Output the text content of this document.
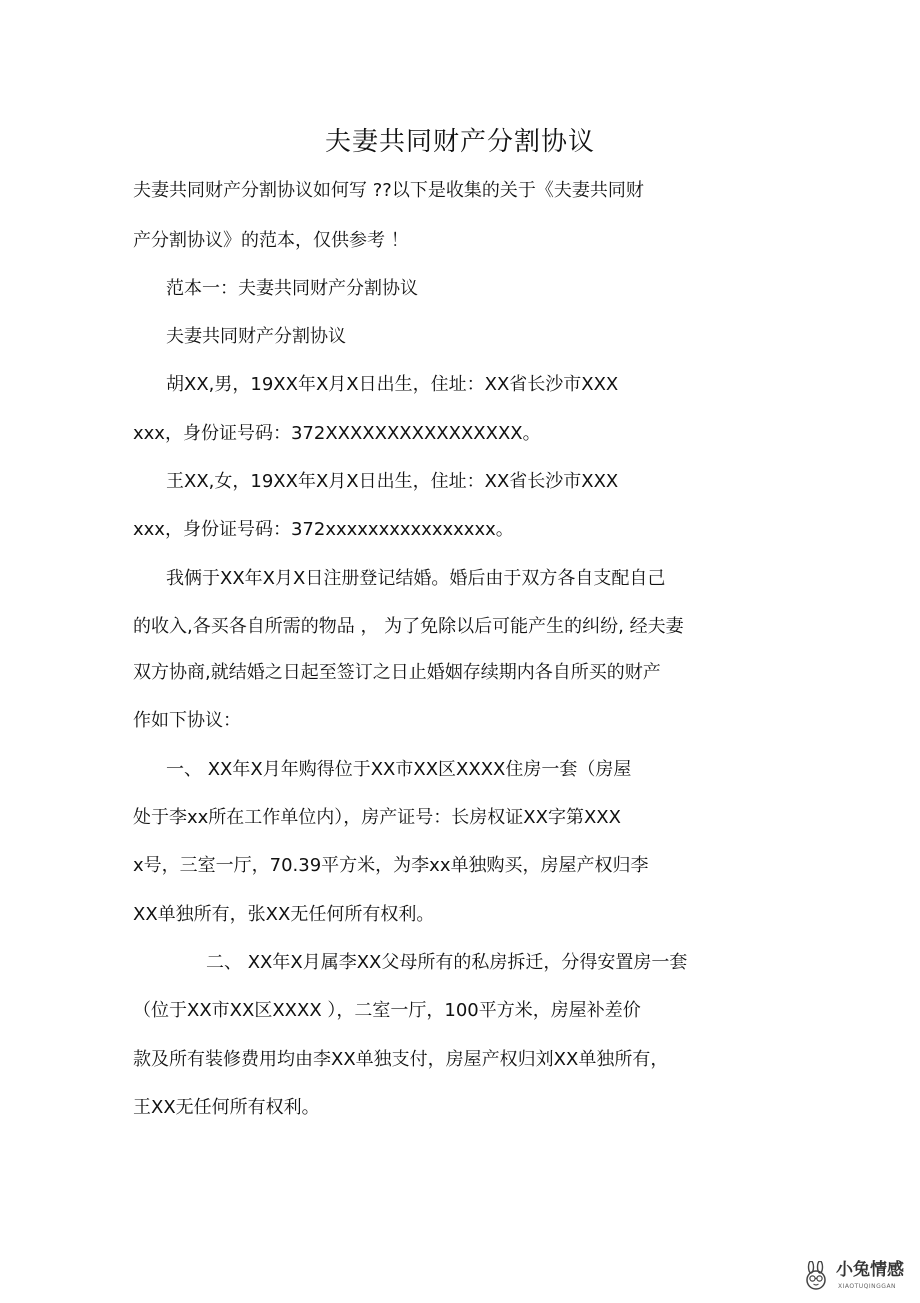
夫妻共同财产分割协议
夫妻共同财产分割协议如何写 ??以下是收集的关于《夫妻共同财
产分割协议》的范本，仅供参考 ！
范本一：夫妻共同财产分割协议
夫妻共同财产分割协议
胡XX,男，19XX年X月X日出生，住址：XX省长沙市XXX
xxx，身份证号码：372XXXXXXXXXXXXXXXX。
王XX,女，19XX年X月X日出生，住址：XX省长沙市XXX
xxx，身份证号码：372xxxxxxxxxxxxxxxx。
我俩于XX年X月X日注册登记结婚。婚后由于双方各自支配自己
的收入,各买各自所需的物品 ， 为了免除以后可能产生的纠纷, 经夫妻
双方协商,就结婚之日起至签订之日止婚姻存续期内各自所买的财产
作如下协议：
一、 XX年X月年购得位于XX市XX区XXXX住房一套（房屋
处于李xx所在工作单位内），房产证号：长房权证XX字第XXX
x号，三室一厅，70.39平方米，为李xx单独购买，房屋产权归李
XX单独所有，张XX无任何所有权利。
二、 XX年X月属李XX父母所有的私房拆迁，分得安置房一套
（位于XX市XX区XXXX ），二室一厅，100平方米，房屋补差价
款及所有装修费用均由李XX单独支付，房屋产权归刘XX单独所有，
王XX无任何所有权利。
小兔情感
XIAOTUQINGGAN
